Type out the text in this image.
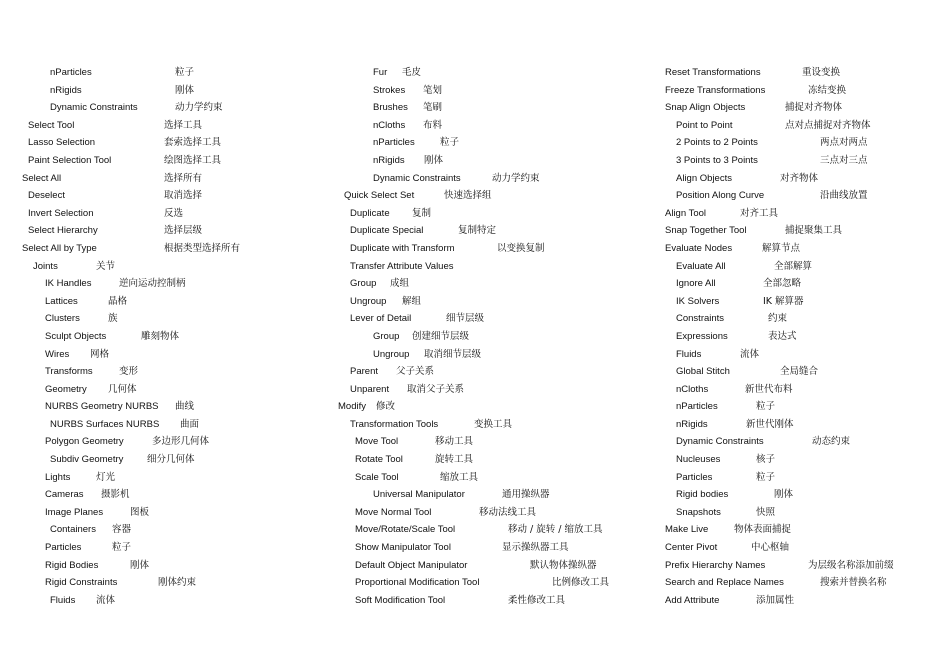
nParticles	粒子
nRigids	刚体
Dynamic Constraints	动力学约束
Select Tool	选择工具
Lasso Selection	套索选择工具
Paint Selection Tool	绘图选择工具
Select All	选择所有
Deselect	取消选择
Invert Selection	反选
Select Hierarchy	选择层级
Select All by Type	根据类型选择所有
Joints	关节
IK Handles	逆向运动控制柄
Lattices	晶格
Clusters	族
Sculpt Objects	雕刻物体
Wires 网格
Transforms	变形
Geometry 几何体
NURBS Geometry NURBS 曲线
NURBS Surfaces NURBS 曲面
Polygon Geometry	多边形几何体
Subdiv Geometry 细分几何体
Lights	灯光
Cameras 摄影机
Image Planes	图板
Containers 容器
Particles	粒子
Rigid Bodies	刚体
Rigid Constraints	刚体约束
Fluids 流体
Fur 毛皮
Strokes 笔划
Brushes 笔刷
nCloths 布料
nParticles	粒子
nRigids 刚体
Dynamic Constraints	动力学约束
Quick Select Set	快速选择组
Duplicate 复制
Duplicate Special	复制特定
Duplicate with Transform	以变换复制
Transfer Attribute Values
Group 成组
Ungroup 解组
Lever of Detail	细节层级
Group 创建细节层级
Ungroup 取消细节层级
Parent 父子关系
Unparent 取消父子关系
Modify 修改
Transformation Tools	变换工具
Move Tool	移动工具
Rotate Tool	旋转工具
Scale Tool	缩放工具
Universal Manipulator	通用操纵器
Move Normal Tool	移动法线工具
Move/Rotate/Scale Tool	移动 / 旋转 / 缩放工具
Show Manipulator Tool	显示操纵器工具
Default Object Manipulator	默认物体操纵器
Proportional Modification Tool	比例修改工具
Soft Modification Tool	柔性修改工具
Reset Transformations	重设变换
Freeze Transformations	冻结变换
Snap Align Objects	捕捉对齐物体
Point to Point	点对点捕捉对齐物体
2 Points to 2 Points	两点对两点
3 Points to 3 Points	三点对三点
Align Objects	对齐物体
Position Along Curve	沿曲线放置
Align Tool	对齐工具
Snap Together Tool	捕捉聚集工具
Evaluate Nodes	解算节点
Evaluate All	全部解算
Ignore All	全部忽略
IK Solvers	IK 解算器
Constraints	约束
Expressions	表达式
Fluids	流体
Global Stitch	全局缝合
nCloths	新世代布料
nParticles	粒子
nRigids	新世代刚体
Dynamic Constraints	动态约束
Nucleuses	核子
Particles	粒子
Rigid bodies	刚体
Snapshots	快照
Make Live	物体表面捕捉
Center Pivot	中心枢轴
Prefix Hierarchy Names	为层级名称添加前缀
Search and Replace Names	搜索并替换名称
Add Attribute	添加属性
